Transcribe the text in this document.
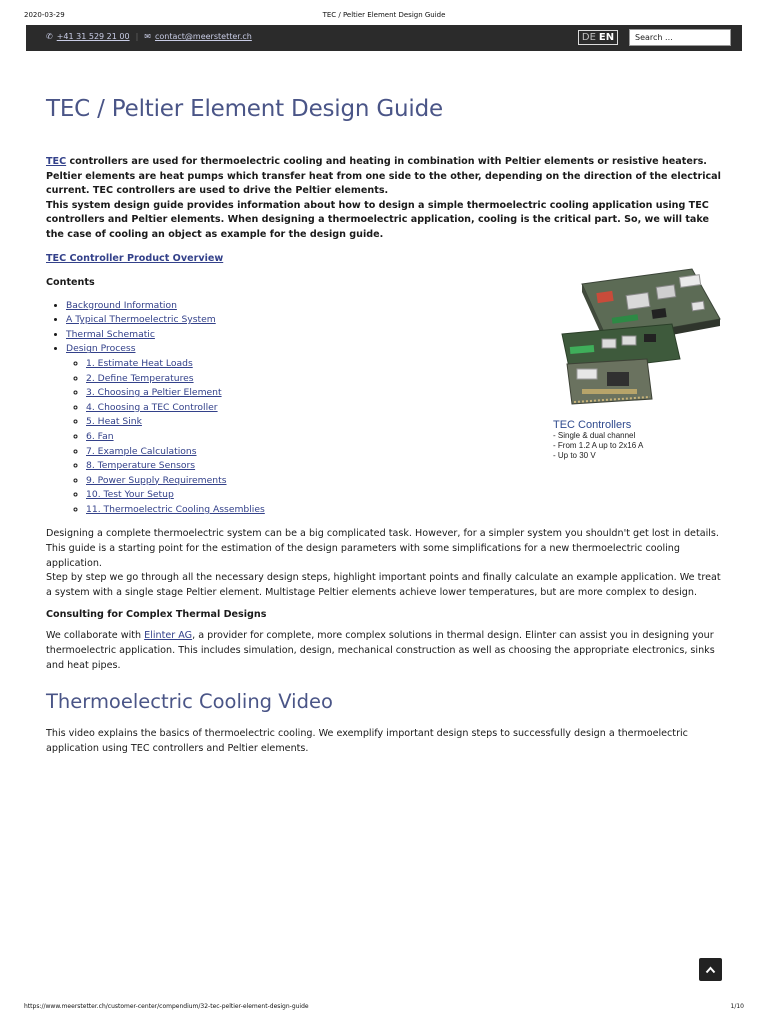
2020-03-29	TEC / Peltier Element Design Guide
✆ +41 31 529 21 00 | ✉ contact@meerstetter.ch	DE EN	Search ...
TEC / Peltier Element Design Guide
TEC controllers are used for thermoelectric cooling and heating in combination with Peltier elements or resistive heaters. Peltier elements are heat pumps which transfer heat from one side to the other, depending on the direction of the electrical current. TEC controllers are used to drive the Peltier elements.
This system design guide provides information about how to design a simple thermoelectric cooling application using TEC controllers and Peltier elements. When designing a thermoelectric application, cooling is the critical part. So, we will take the case of cooling an object as example for the design guide.
TEC Controller Product Overview
Contents
• Background Information
• A Typical Thermoelectric System
• Thermal Schematic
• Design Process
◦ 1. Estimate Heat Loads
◦ 2. Define Temperatures
◦ 3. Choosing a Peltier Element
◦ 4. Choosing a TEC Controller
◦ 5. Heat Sink
◦ 6. Fan
◦ 7. Example Calculations
◦ 8. Temperature Sensors
◦ 9. Power Supply Requirements
◦ 10. Test Your Setup
◦ 11. Thermoelectric Cooling Assemblies
TEC Controllers
- Single & dual channel
- From 1.2 A up to 2x16 A
- Up to 30 V
Designing a complete thermoelectric system can be a big complicated task. However, for a simpler system you shouldn't get lost in details. This guide is a starting point for the estimation of the design parameters with some simplifications for a new thermoelectric cooling application.
Step by step we go through all the necessary design steps, highlight important points and finally calculate an example application. We treat a system with a single stage Peltier element. Multistage Peltier elements achieve lower temperatures, but are more complex to design.
Consulting for Complex Thermal Designs
We collaborate with Elinter AG, a provider for complete, more complex solutions in thermal design. Elinter can assist you in designing your thermoelectric application. This includes simulation, design, mechanical construction as well as choosing the appropriate electronics, sinks and heat pipes.
Thermoelectric Cooling Video
This video explains the basics of thermoelectric cooling. We exemplify important design steps to successfully design a thermoelectric application using TEC controllers and Peltier elements.
https://www.meerstetter.ch/customer-center/compendium/32-tec-peltier-element-design-guide	1/10
